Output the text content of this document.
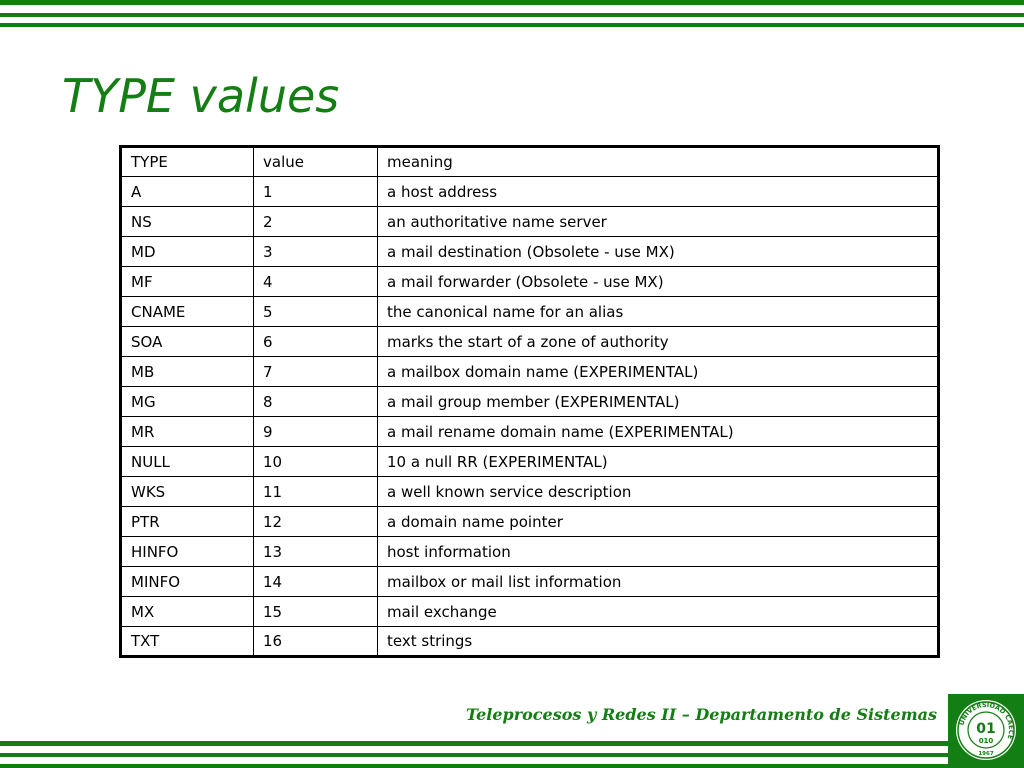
TYPE values
TYPE	value	meaning
A	1	a host address
NS	2	an authoritative name server
MD	3	a mail destination (Obsolete - use MX)
MF	4	a mail forwarder (Obsolete - use MX)
CNAME	5	the canonical name for an alias
SOA	6	marks the start of a zone of authority
MB	7	a mailbox domain name (EXPERIMENTAL)
MG	8	a mail group member (EXPERIMENTAL)
MR	9	a mail rename domain name (EXPERIMENTAL)
NULL	10	10 a null RR (EXPERIMENTAL)
WKS	11	a well known service description
PTR	12	a domain name pointer
HINFO	13	host information
MINFO	14	mailbox or mail list information
MX	15	mail exchange
TXT	16	text strings
Teleprocesos y Redes II – Departamento de Sistemas	UNIVERSIDAD CAECE
01
010
1967
